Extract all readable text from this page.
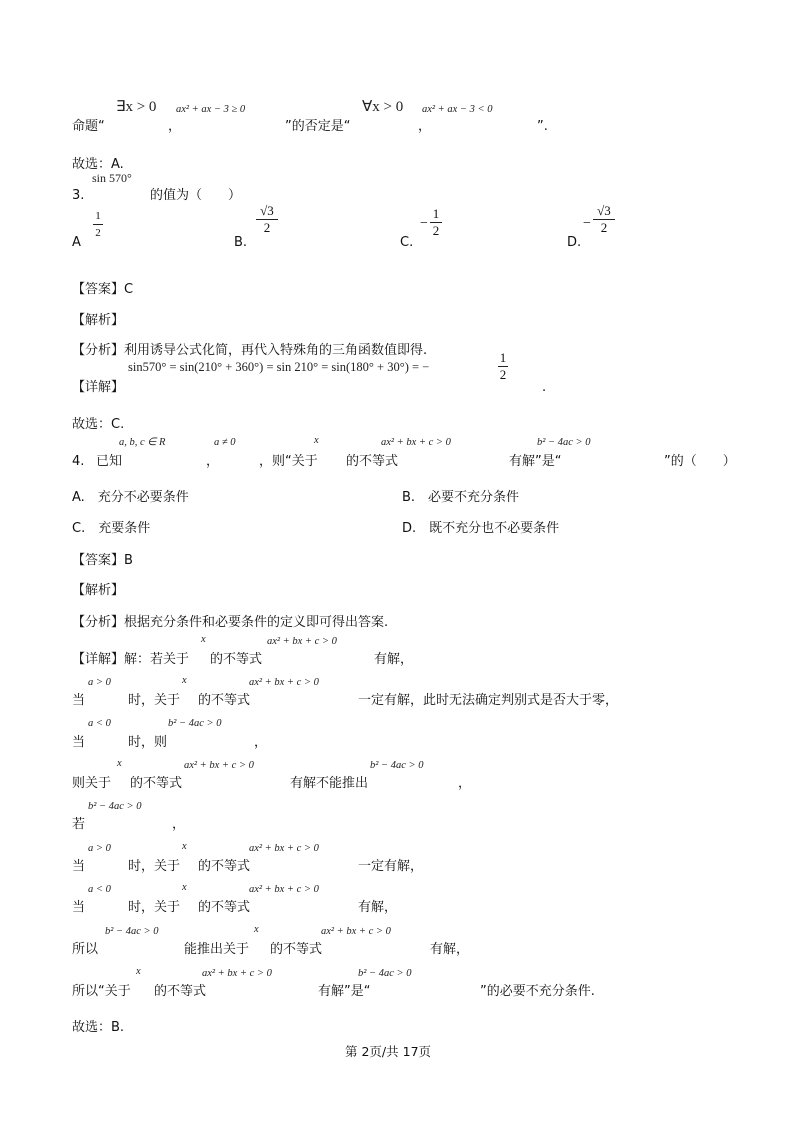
∃x > 0 ax² + ax − 3 ≥ 0	∀x > 0 ax² + ax − 3 < 0
命题“	，	”的否定是“	，	”.
故选：A.
sin 570°
3.	的值为（　　）
A
1
2
B.
√3
2
C.
−
1
2
D.
−
√3
2
【答案】C
【解析】
【分析】利用诱导公式化简，再代入特殊角的三角函数值即得.
sin570° = sin(210° + 360°) = sin 210° = sin(180° + 30°) = −
1
2
.
【详解】
故选：C.
a, b, c ∈ R	a ≠ 0	x	ax² + bx + c > 0	b² − 4ac > 0
4. 已知	，	，则“关于 的不等式	有解”是“	”的（　　）
A.　充分不必要条件	B.　必要不充分条件
C.　充要条件	D.　既不充分也不必要条件
【答案】B
【解析】
【分析】根据充分条件和必要条件的定义即可得出答案.
x	ax² + bx + c > 0
【详解】解：若关于 的不等式	有解，
a > 0	x	ax² + bx + c > 0
当	时，关于 的不等式	一定有解，此时无法确定判别式是否大于零，
a < 0	b² − 4ac > 0
当	时，则	，
x	ax² + bx + c > 0	b² − 4ac > 0
则关于 的不等式	有解不能推出	，
b² − 4ac > 0
若	，
a > 0	x	ax² + bx + c > 0
当	时，关于 的不等式	一定有解，
a < 0	x	ax² + bx + c > 0
当	时，关于 的不等式	有解，
b² − 4ac > 0	x	ax² + bx + c > 0
所以	能推出关于 的不等式	有解，
x	ax² + bx + c > 0	b² − 4ac > 0
所以“关于 的不等式	有解”是“	”的必要不充分条件.
故选：B.
第 2页/共 17页
